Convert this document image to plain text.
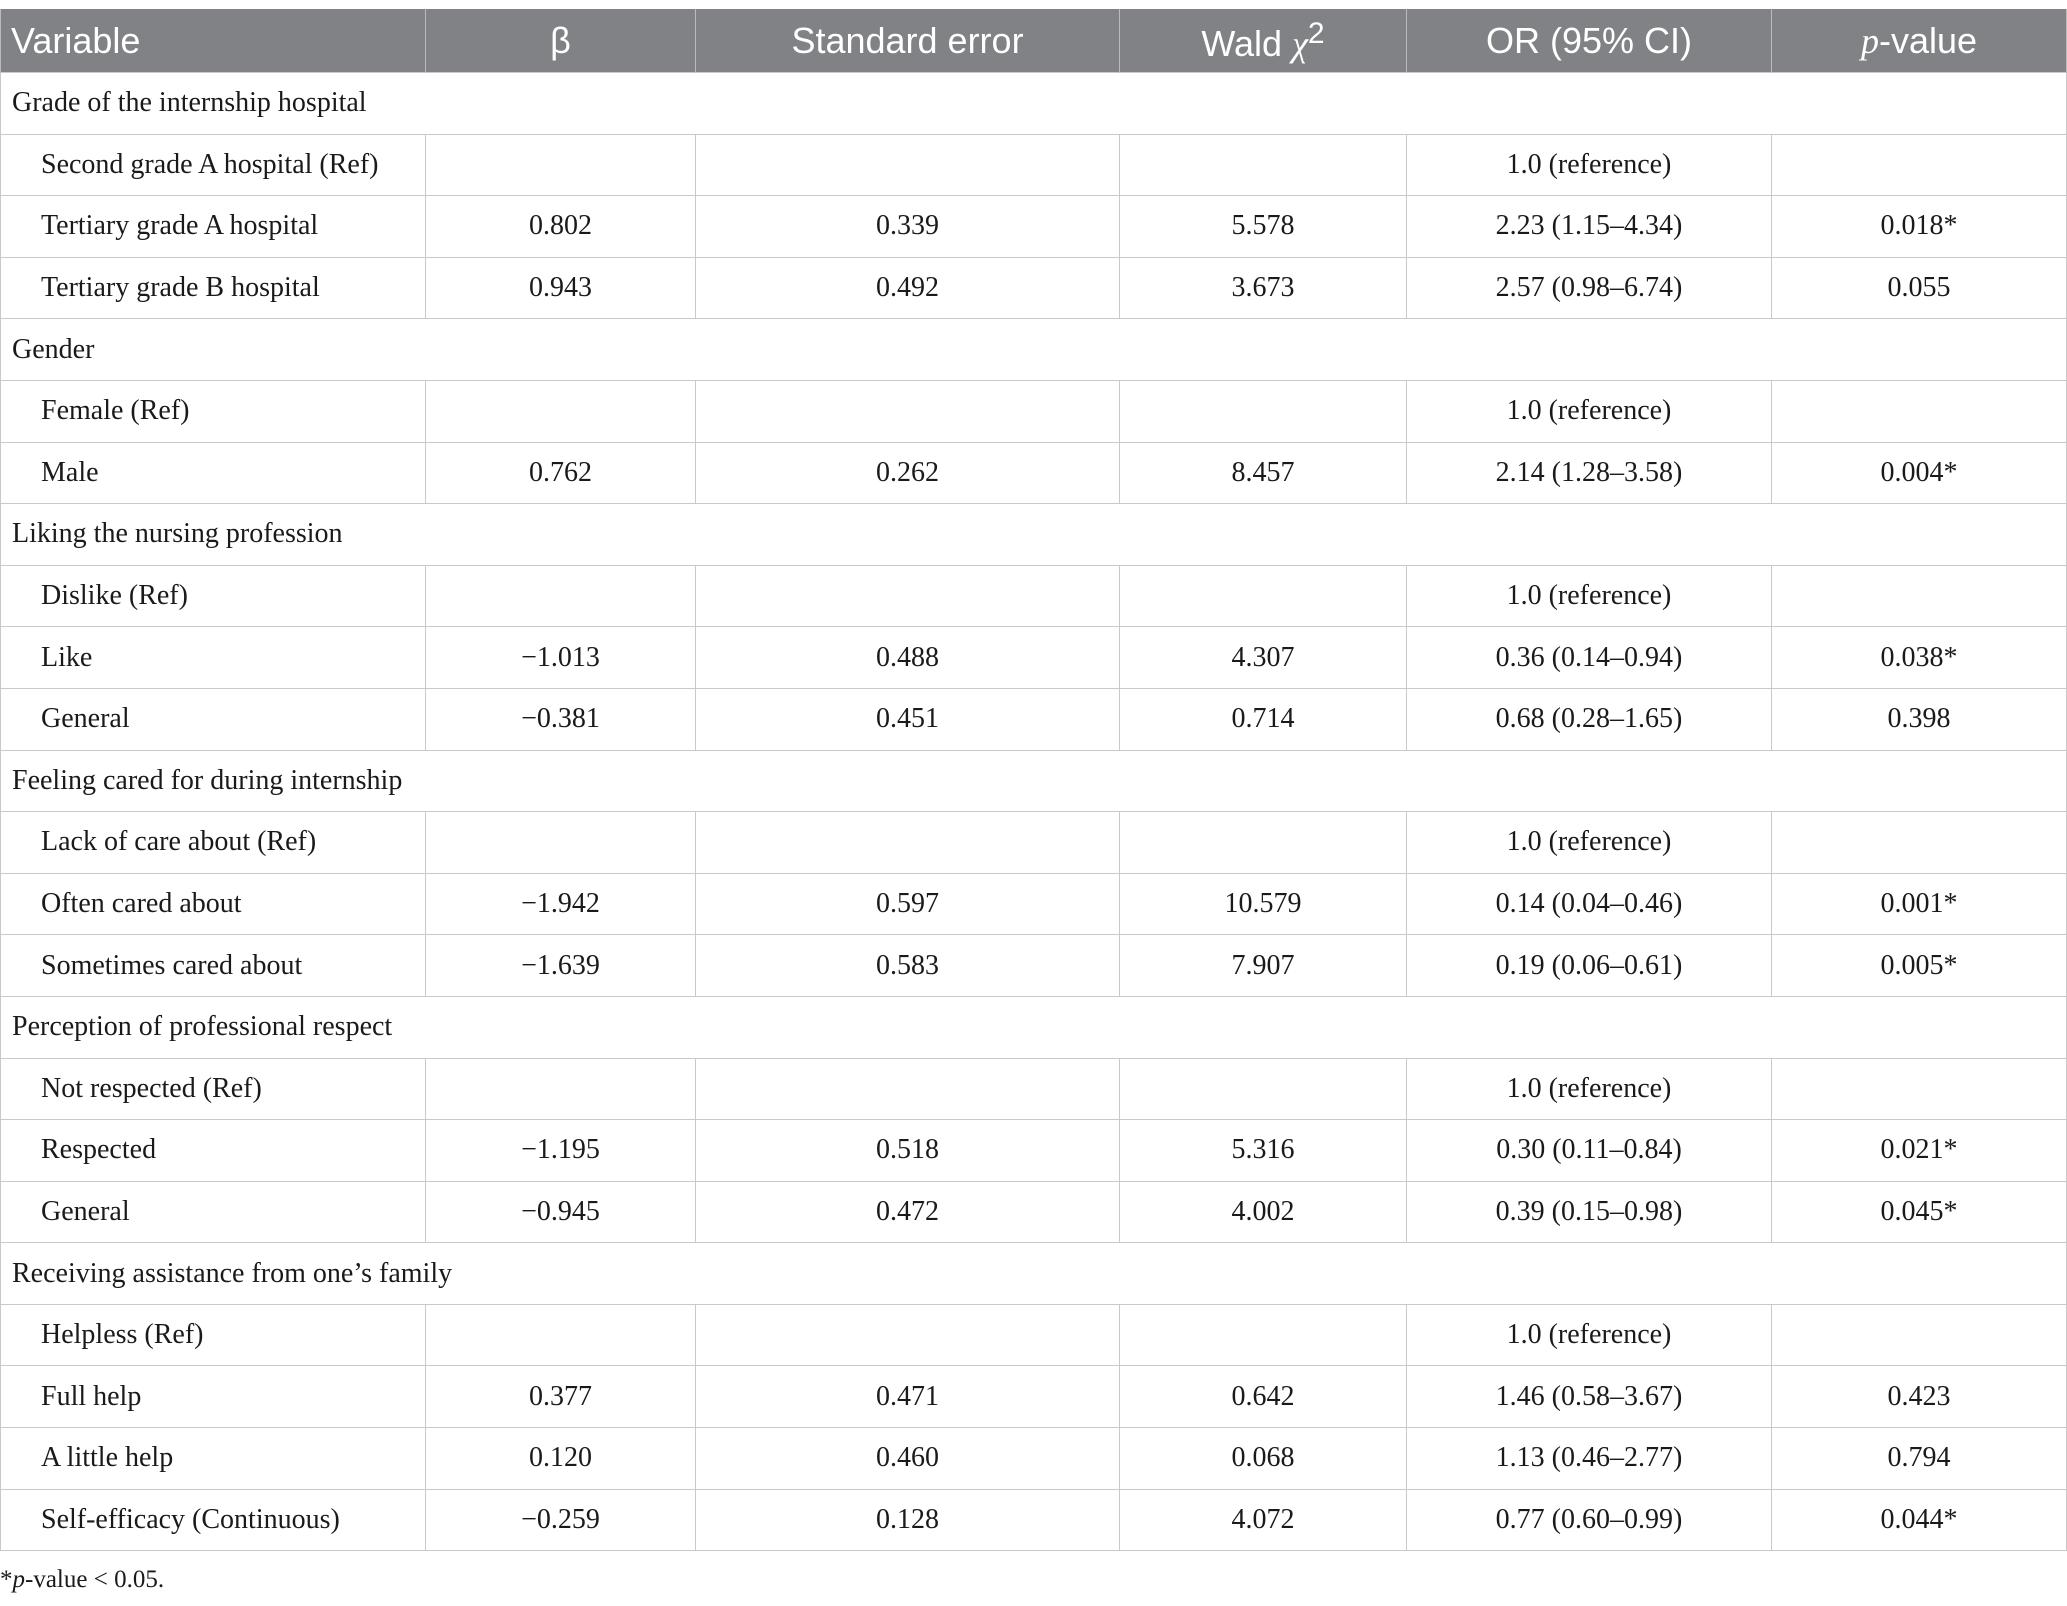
Variable	β	Standard error	Wald $\chi^2$	OR (95% CI)	p-value
Grade of the internship hospital					
Second grade A hospital (Ref)				1.0 (reference)	
Tertiary grade A hospital	0.802	0.339	5.578	2.23 (1.15–4.34)	0.018*
Tertiary grade B hospital	0.943	0.492	3.673	2.57 (0.98–6.74)	0.055
Gender					
Female (Ref)				1.0 (reference)	
Male	0.762	0.262	8.457	2.14 (1.28–3.58)	0.004*
Liking the nursing profession					
Dislike (Ref)				1.0 (reference)	
Like	−1.013	0.488	4.307	0.36 (0.14–0.94)	0.038*
General	−0.381	0.451	0.714	0.68 (0.28–1.65)	0.398
Feeling cared for during internship					
Lack of care about (Ref)				1.0 (reference)	
Often cared about	−1.942	0.597	10.579	0.14 (0.04–0.46)	0.001*
Sometimes cared about	−1.639	0.583	7.907	0.19 (0.06–0.61)	0.005*
Perception of professional respect					
Not respected (Ref)				1.0 (reference)	
Respected	−1.195	0.518	5.316	0.30 (0.11–0.84)	0.021*
General	−0.945	0.472	4.002	0.39 (0.15–0.98)	0.045*
Receiving assistance from one’s family					
Helpless (Ref)				1.0 (reference)	
Full help	0.377	0.471	0.642	1.46 (0.58–3.67)	0.423
A little help	0.120	0.460	0.068	1.13 (0.46–2.77)	0.794
Self-efficacy (Continuous)	−0.259	0.128	4.072	0.77 (0.60–0.99)	0.044*
*p-value < 0.05.
